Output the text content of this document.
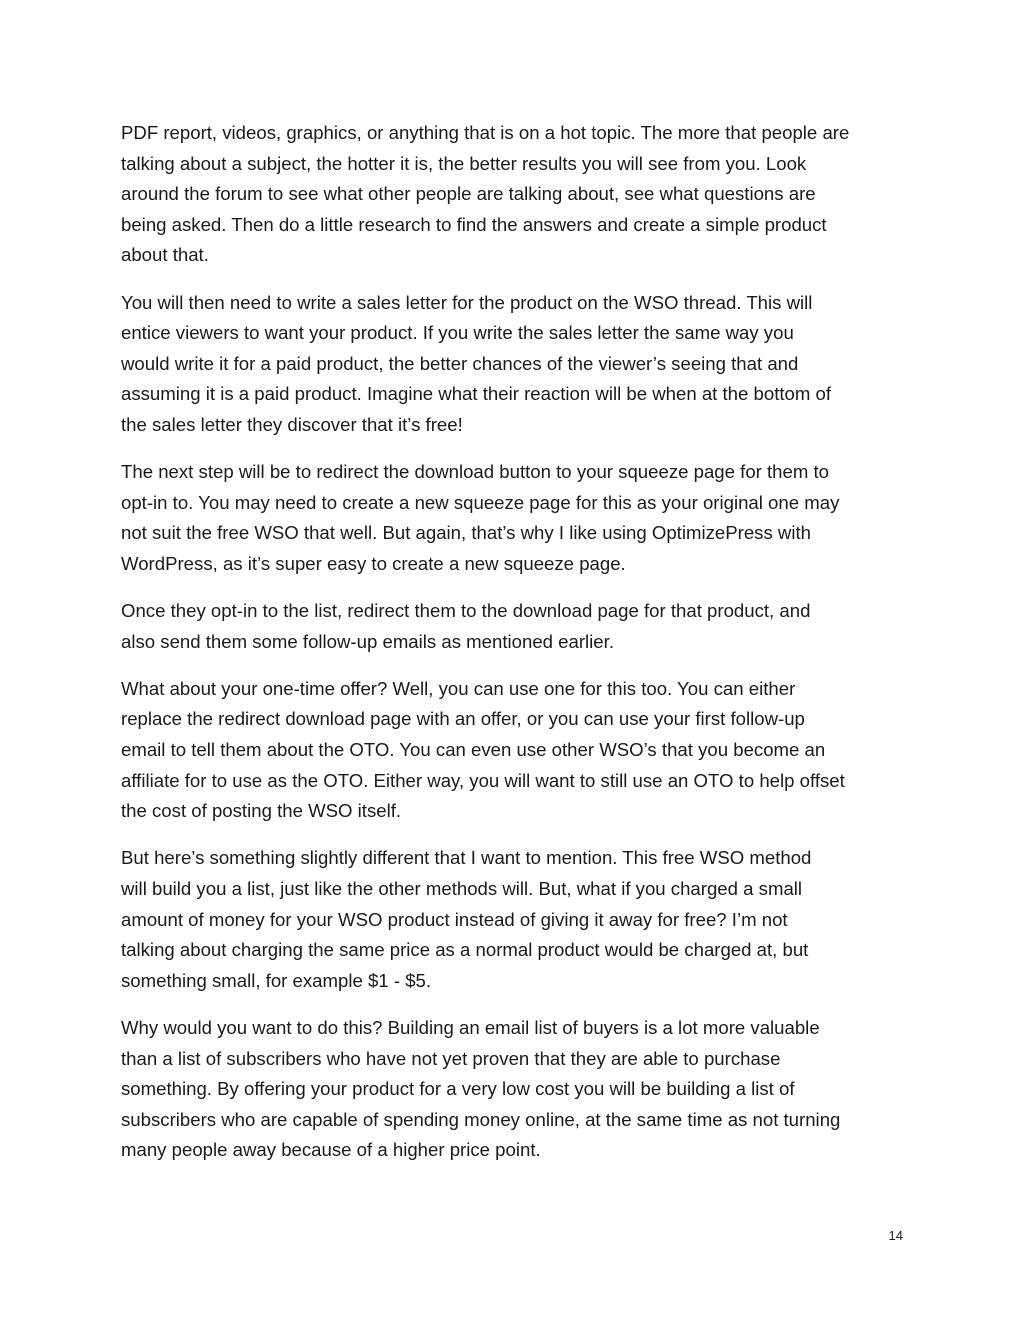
PDF report, videos, graphics, or anything that is on a hot topic. The more that people are
talking about a subject, the hotter it is, the better results you will see from you. Look
around the forum to see what other people are talking about, see what questions are
being asked. Then do a little research to find the answers and create a simple product
about that.

You will then need to write a sales letter for the product on the WSO thread. This will
entice viewers to want your product. If you write the sales letter the same way you
would write it for a paid product, the better chances of the viewer’s seeing that and
assuming it is a paid product. Imagine what their reaction will be when at the bottom of
the sales letter they discover that it’s free!

The next step will be to redirect the download button to your squeeze page for them to
opt-in to. You may need to create a new squeeze page for this as your original one may
not suit the free WSO that well. But again, that’s why I like using OptimizePress with
WordPress, as it’s super easy to create a new squeeze page.

Once they opt-in to the list, redirect them to the download page for that product, and
also send them some follow-up emails as mentioned earlier.

What about your one-time offer? Well, you can use one for this too. You can either
replace the redirect download page with an offer, or you can use your first follow-up
email to tell them about the OTO. You can even use other WSO’s that you become an
affiliate for to use as the OTO. Either way, you will want to still use an OTO to help offset
the cost of posting the WSO itself.

But here’s something slightly different that I want to mention. This free WSO method
will build you a list, just like the other methods will. But, what if you charged a small
amount of money for your WSO product instead of giving it away for free? I’m not
talking about charging the same price as a normal product would be charged at, but
something small, for example $1 - $5.

Why would you want to do this? Building an email list of buyers is a lot more valuable
than a list of subscribers who have not yet proven that they are able to purchase
something. By offering your product for a very low cost you will be building a list of
subscribers who are capable of spending money online, at the same time as not turning
many people away because of a higher price point.

14
